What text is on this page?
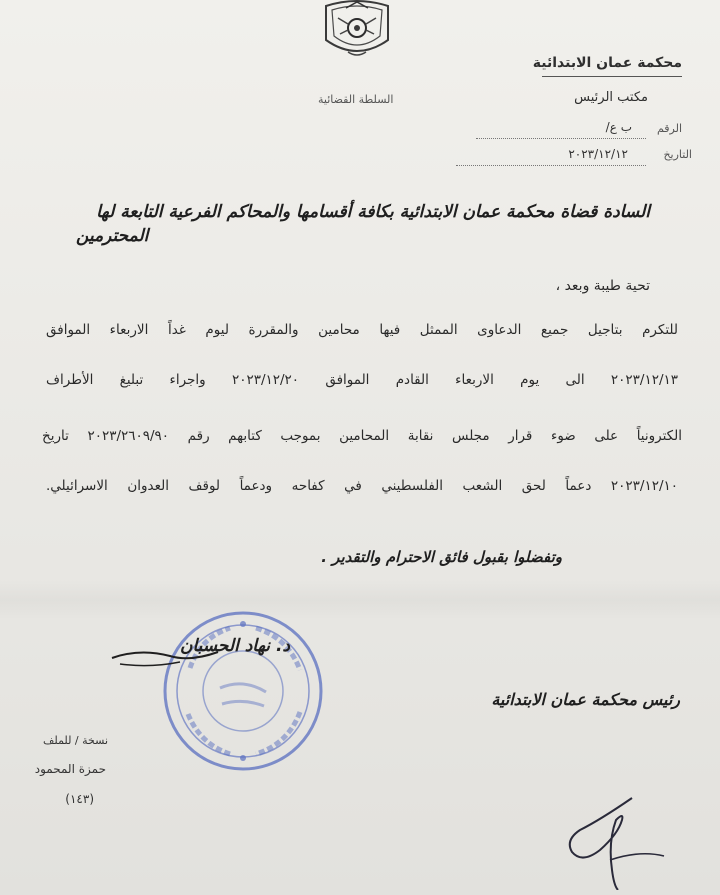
محكمة عمان الابتدائية
مكتب الرئيس
الرقم
ب ع/
التاريخ
٢٠٢٣/١٢/١٢
السلطة القضائية
السادة قضاة محكمة عمان الابتدائية بكافة أقسامها والمحاكم الفرعية التابعة لها
المحترمين
تحية طيبة وبعد ،
للتكرم بتاجيل جميع الدعاوى الممثل فيها محامين والمقررة ليوم غداً الاربعاء الموافق
٢٠٢٣/١٢/١٣ الى يوم الاربعاء القادم الموافق ٢٠٢٣/١٢/٢٠ واجراء تبليغ الأطراف
الكترونياً على ضوء قرار مجلس نقابة المحامين بموجب كتابهم رقم ٢٠٢٣/٢٦٠٩/٩٠ تاريخ
٢٠٢٣/١٢/١٠ دعماً لحق الشعب الفلسطيني في كفاحه ودعماً لوقف العدوان الاسرائيلي.
وتفضلوا بقبول فائق الاحترام والتقدير .
د. نهاد الحسبان
رئيس محكمة عمان الابتدائية
نسخة / للملف
حمزة المحمود
(١٤٣)
